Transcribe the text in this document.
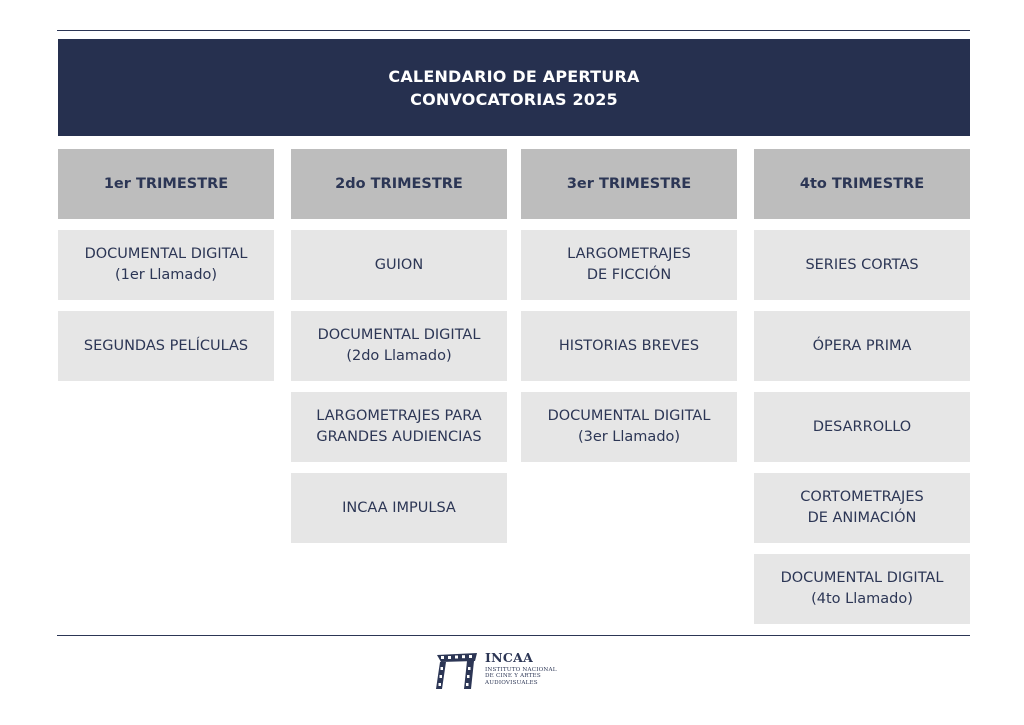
CALENDARIO DE APERTURA
CONVOCATORIAS 2025
1er TRIMESTRE
DOCUMENTAL DIGITAL
(1er Llamado)
SEGUNDAS PELÍCULAS
2do TRIMESTRE
GUION
DOCUMENTAL DIGITAL
(2do Llamado)
LARGOMETRAJES PARA
GRANDES AUDIENCIAS
INCAA IMPULSA
3er TRIMESTRE
LARGOMETRAJES
DE FICCIÓN
HISTORIAS BREVES
DOCUMENTAL DIGITAL
(3er Llamado)
4to TRIMESTRE
SERIES CORTAS
ÓPERA PRIMA
DESARROLLO
CORTOMETRAJES
DE ANIMACIÓN
DOCUMENTAL DIGITAL
(4to Llamado)
INCAA
INSTITUTO NACIONAL
DE CINE Y ARTES
AUDIOVISUALES
